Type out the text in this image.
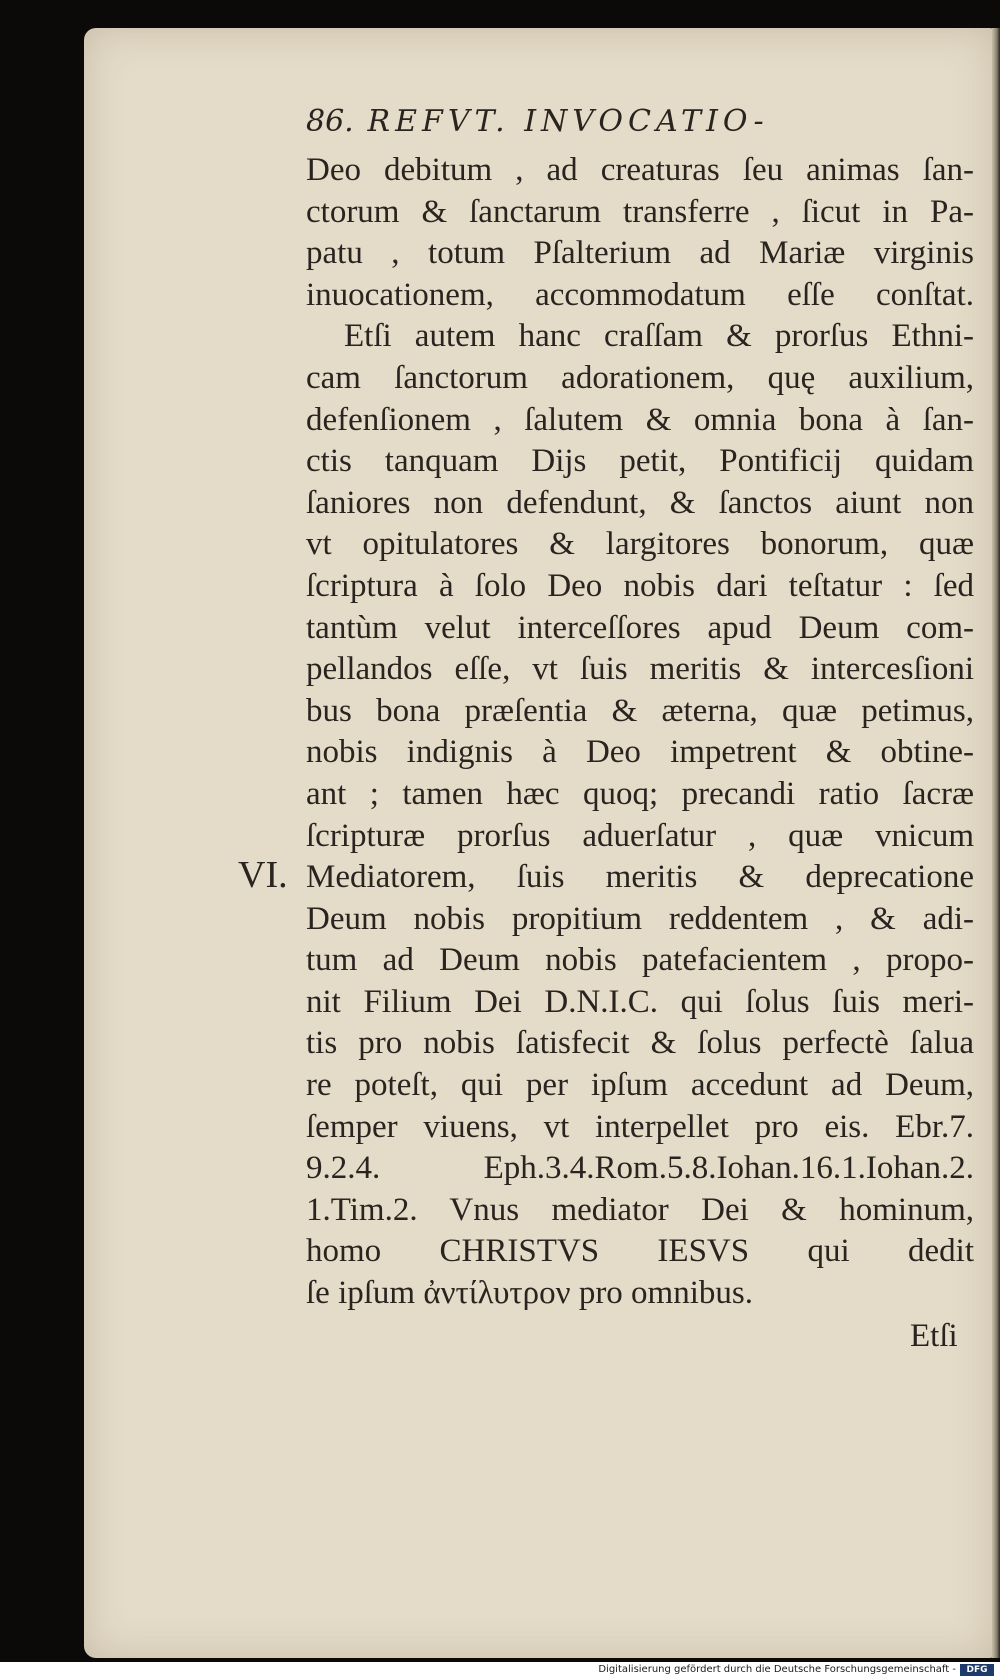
86. REFVT. INVOCATIO-
VI.
Deo debitum , ad creaturas ſeu animas ſan-
ctorum & ſanctarum transferre , ſicut in Pa-
patu , totum Pſalterium ad Mariæ virginis
inuocationem, accommodatum eſſe conſtat.
Etſi autem hanc craſſam & prorſus Ethni-
cam ſanctorum adorationem, quę auxilium,
defenſionem , ſalutem & omnia bona à ſan-
ctis tanquam Dijs petit, Pontificij quidam
ſaniores non defendunt, & ſanctos aiunt non
vt opitulatores & largitores bonorum, quæ
ſcriptura à ſolo Deo nobis dari teſtatur : ſed
tantùm velut interceſſores apud Deum com-
pellandos eſſe, vt ſuis meritis & intercesſioni
bus bona præſentia & æterna, quæ petimus,
nobis indignis à Deo impetrent & obtine-
ant ; tamen hæc quoq; precandi ratio ſacræ
ſcripturæ prorſus aduerſatur , quæ vnicum
Mediatorem, ſuis meritis & deprecatione
Deum nobis propitium reddentem , & adi-
tum ad Deum nobis patefacientem , propo-
nit Filium Dei D.N.I.C. qui ſolus ſuis meri-
tis pro nobis ſatisfecit & ſolus perfectè ſalua
re poteſt, qui per ipſum accedunt ad Deum,
ſemper viuens, vt interpellet pro eis. Ebr.7.
9.2.4. Eph.3.4.Rom.5.8.Iohan.16.1.Iohan.2.
1.Tim.2. Vnus mediator Dei & hominum,
homo CHRISTVS IESVS qui dedit
ſe ipſum ἀντίλυτρον pro omnibus.
Etſi
Digitalisierung gefördert durch die Deutsche Forschungsgemeinschaft -	DFG
